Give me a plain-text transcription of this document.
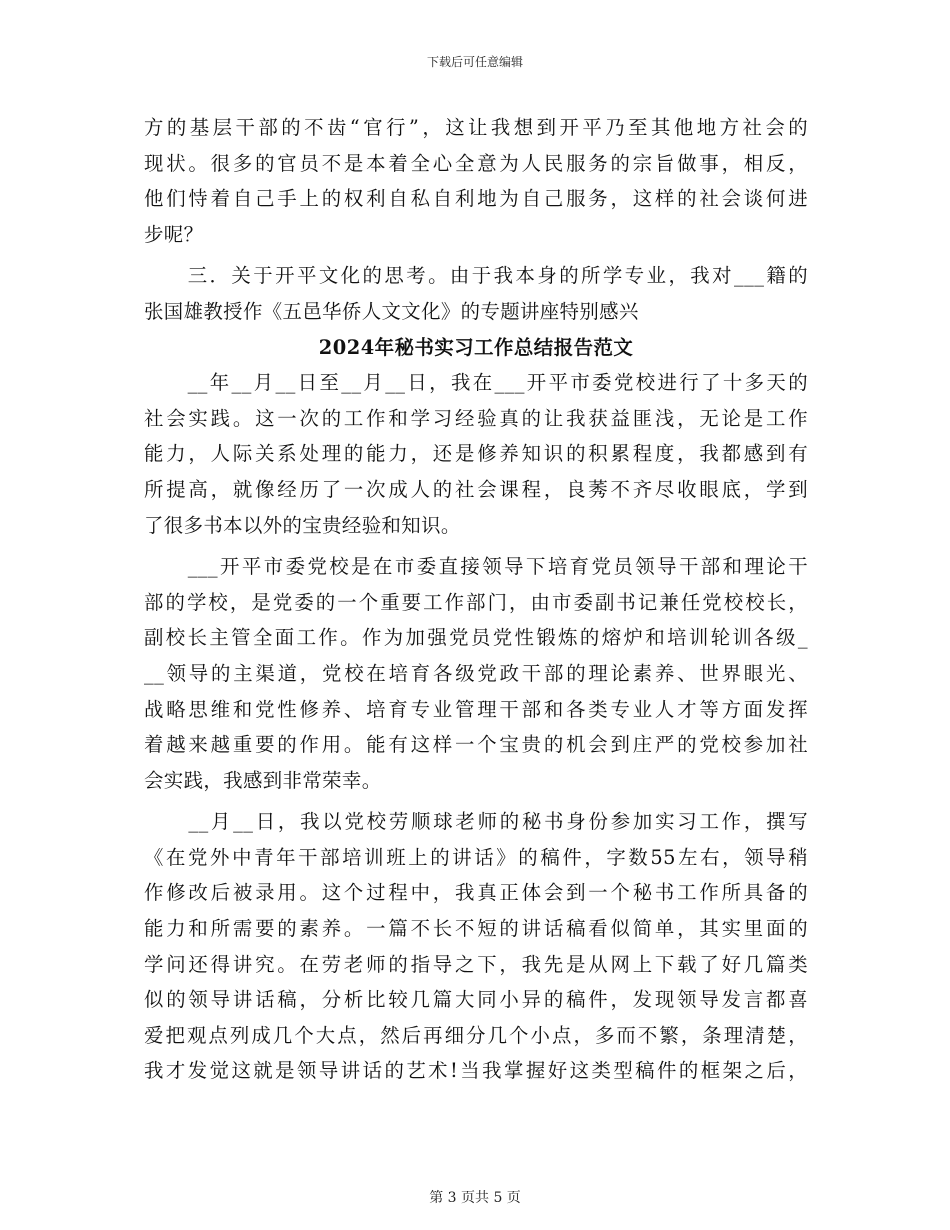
下载后可任意编辑
方的基层干部的不齿“官行”，这让我想到开平乃至其他地方社会的
现状。很多的官员不是本着全心全意为人民服务的宗旨做事，相反，
他们恃着自己手上的权利自私自利地为自己服务，这样的社会谈何进
步呢？
　　三．关于开平文化的思考。由于我本身的所学专业，我对___籍的
张国雄教授作《五邑华侨人文文化》的专题讲座特别感兴
2024年秘书实习工作总结报告范文
　　__年__月__日至__月__日，我在___开平市委党校进行了十多天的
社会实践。这一次的工作和学习经验真的让我获益匪浅，无论是工作
能力，人际关系处理的能力，还是修养知识的积累程度，我都感到有
所提高，就像经历了一次成人的社会课程，良莠不齐尽收眼底，学到
了很多书本以外的宝贵经验和知识。
　　___开平市委党校是在市委直接领导下培育党员领导干部和理论干
部的学校，是党委的一个重要工作部门，由市委副书记兼任党校校长，
副校长主管全面工作。作为加强党员党性锻炼的熔炉和培训轮训各级_
__领导的主渠道，党校在培育各级党政干部的理论素养、世界眼光、
战略思维和党性修养、培育专业管理干部和各类专业人才等方面发挥
着越来越重要的作用。能有这样一个宝贵的机会到庄严的党校参加社
会实践，我感到非常荣幸。
　　__月__日，我以党校劳顺球老师的秘书身份参加实习工作，撰写
《在党外中青年干部培训班上的讲话》的稿件，字数55左右，领导稍
作修改后被录用。这个过程中，我真正体会到一个秘书工作所具备的
能力和所需要的素养。一篇不长不短的讲话稿看似简单，其实里面的
学问还得讲究。在劳老师的指导之下，我先是从网上下载了好几篇类
似的领导讲话稿，分析比较几篇大同小异的稿件，发现领导发言都喜
爱把观点列成几个大点，然后再细分几个小点，多而不繁，条理清楚，
我才发觉这就是领导讲话的艺术!当我掌握好这类型稿件的框架之后，
第 3 页共 5 页
